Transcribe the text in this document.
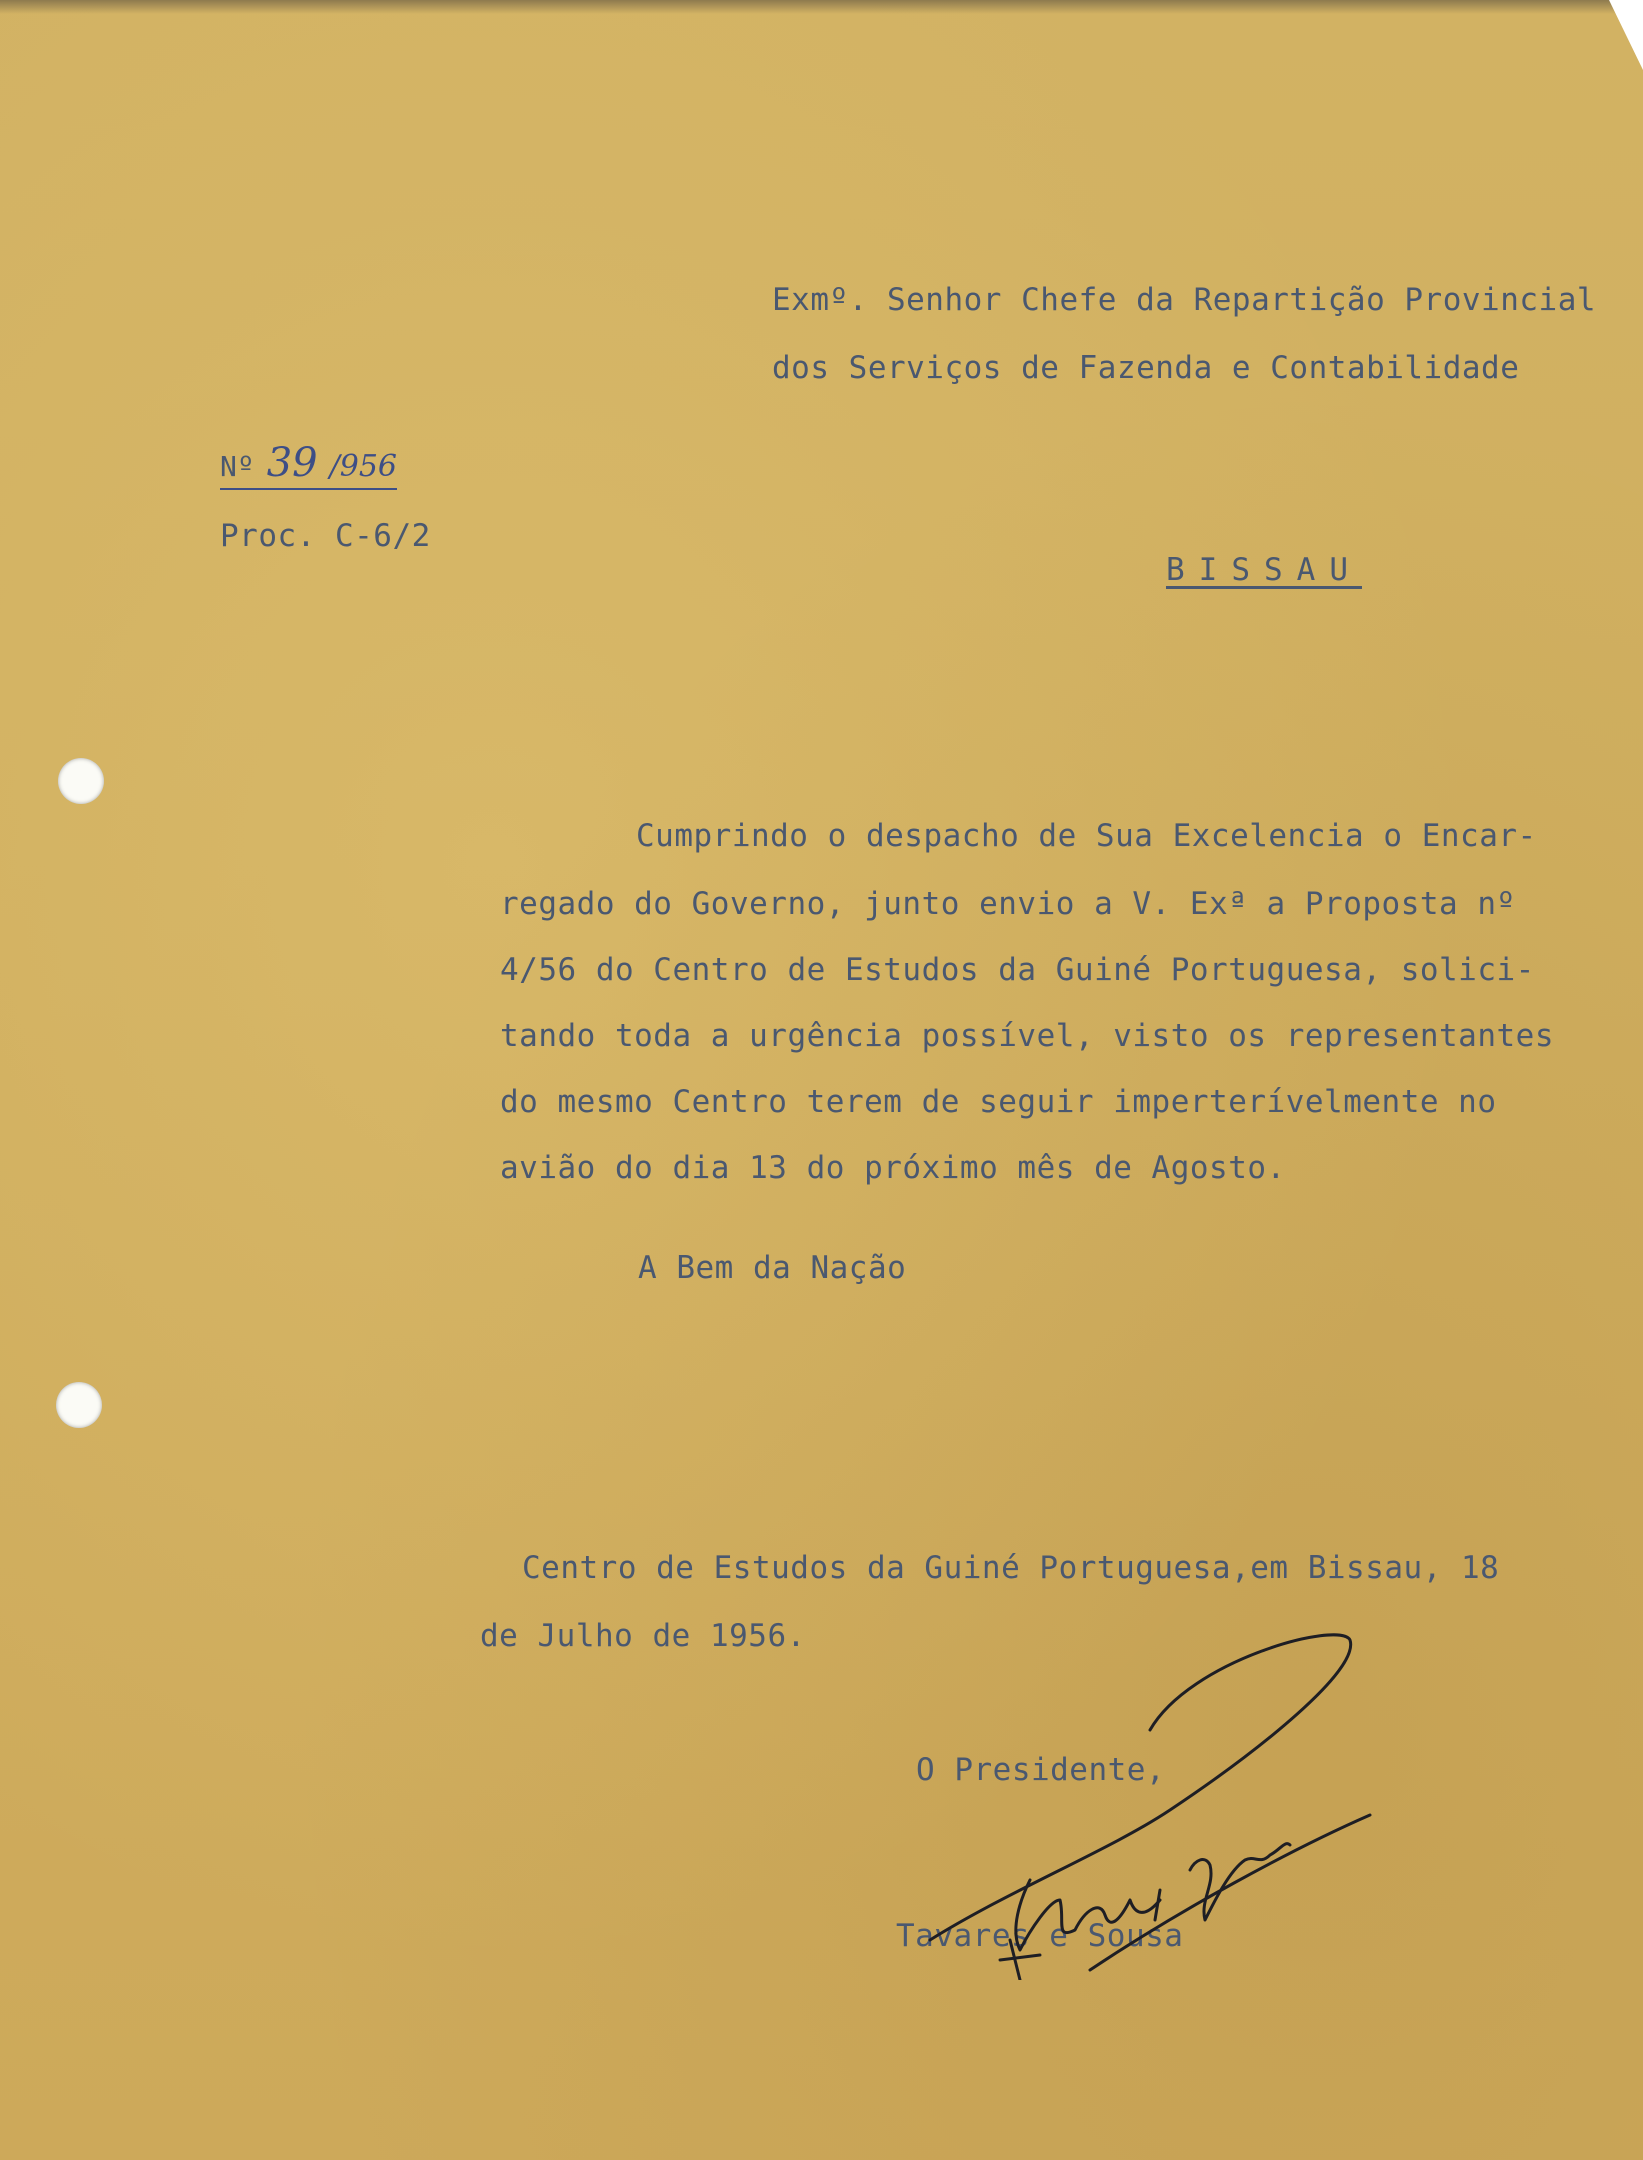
Exmº. Senhor Chefe da Repartição Provincial

dos Serviços de Fazenda e Contabilidade

Nº 39 /956

Proc. C-6/2

BISSAU

Cumprindo o despacho de Sua Excelencia o Encar-

regado do Governo, junto envio a V. Exª a Proposta nº

4/56 do Centro de Estudos da Guiné Portuguesa, solici-

tando toda a urgência possível, visto os representantes

do mesmo Centro terem de seguir imperterívelmente no

avião do dia 13 do próximo mês de Agosto.

A Bem da Nação

Centro de Estudos da Guiné Portuguesa,em Bissau, 18

de Julho de 1956.

O Presidente,

Tavares e Sousa
